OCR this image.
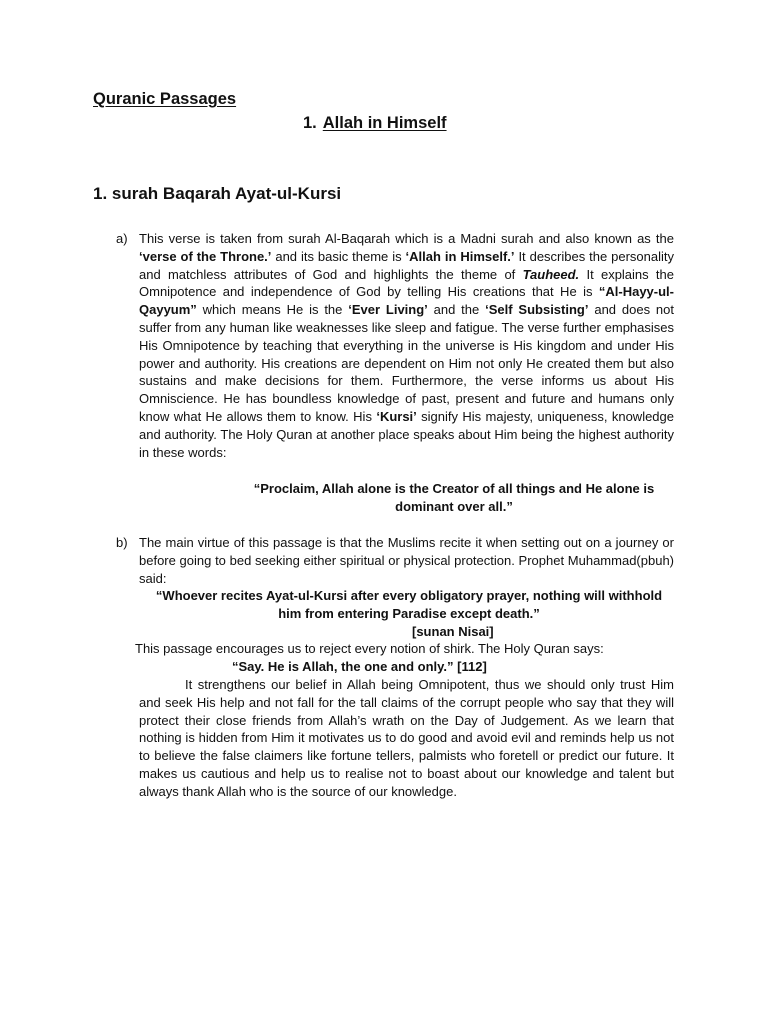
Quranic Passages
1. Allah in Himself
1. surah Baqarah Ayat-ul-Kursi
a) This verse is taken from surah Al-Baqarah which is a Madni surah and also known as the ‘verse of the Throne.’ and its basic theme is ‘Allah in Himself.’ It describes the personality and matchless attributes of God and highlights the theme of Tauheed. It explains the Omnipotence and independence of God by telling His creations that He is “Al-Hayy-ul-Qayyum” which means He is the ‘Ever Living’ and the ‘Self Subsisting’ and does not suffer from any human like weaknesses like sleep and fatigue. The verse further emphasises His Omnipotence by teaching that everything in the universe is His kingdom and under His power and authority. His creations are dependent on Him not only He created them but also sustains and make decisions for them. Furthermore, the verse informs us about His Omniscience. He has boundless knowledge of past, present and future and humans only know what He allows them to know. His ‘Kursi’ signify His majesty, uniqueness, knowledge and authority. The Holy Quran at another place speaks about Him being the highest authority in these words:
“Proclaim, Allah alone is the Creator of all things and He alone is
dominant over all.”
b) The main virtue of this passage is that the Muslims recite it when setting out on a journey or before going to bed seeking either spiritual or physical protection. Prophet Muhammad(pbuh) said:
“Whoever recites Ayat-ul-Kursi after every obligatory prayer, nothing will withhold
him from entering Paradise except death.”
[sunan Nisai]
This passage encourages us to reject every notion of shirk. The Holy Quran says:
“Say. He is Allah, the one and only.” [112]
It strengthens our belief in Allah being Omnipotent, thus we should only trust Him and seek His help and not fall for the tall claims of the corrupt people who say that they will protect their close friends from Allah’s wrath on the Day of Judgement. As we learn that nothing is hidden from Him it motivates us to do good and avoid evil and reminds help us not to believe the false claimers like fortune tellers, palmists who foretell or predict our future. It makes us cautious and help us to realise not to boast about our knowledge and talent but always thank Allah who is the source of our knowledge.
